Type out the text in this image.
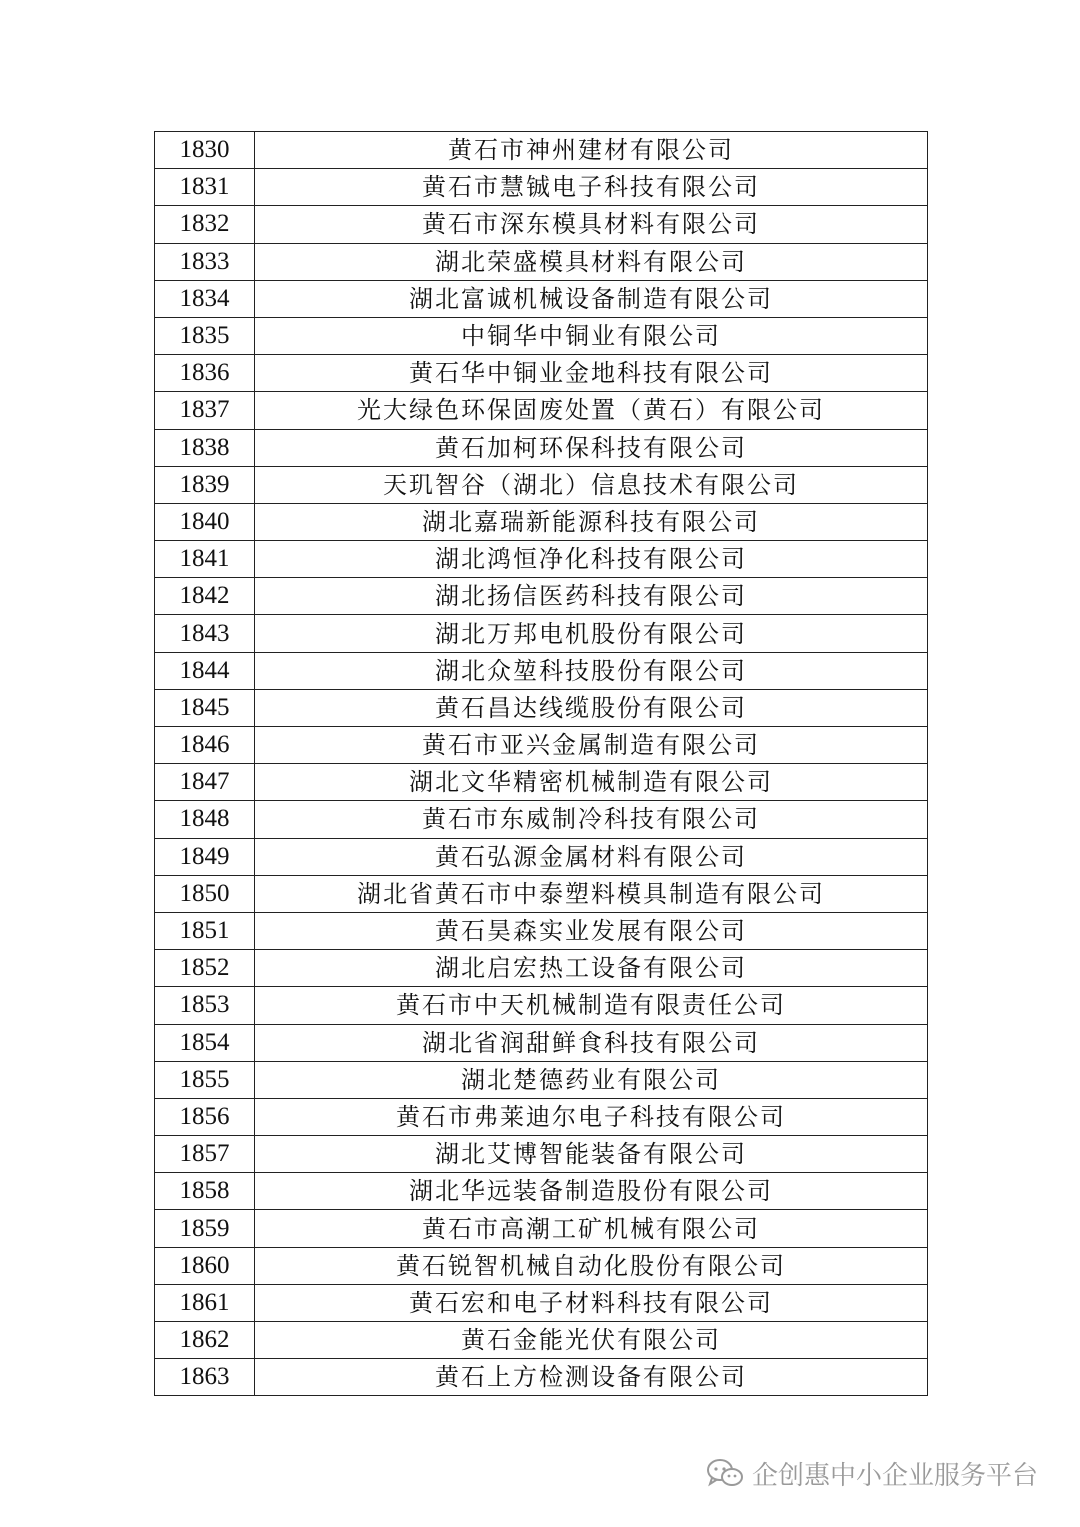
1830	黄石市神州建材有限公司
1831	黄石市慧铖电子科技有限公司
1832	黄石市深东模具材料有限公司
1833	湖北荣盛模具材料有限公司
1834	湖北富诚机械设备制造有限公司
1835	中铜华中铜业有限公司
1836	黄石华中铜业金地科技有限公司
1837	光大绿色环保固废处置（黄石）有限公司
1838	黄石加柯环保科技有限公司
1839	天玑智谷（湖北）信息技术有限公司
1840	湖北嘉瑞新能源科技有限公司
1841	湖北鸿恒净化科技有限公司
1842	湖北扬信医药科技有限公司
1843	湖北万邦电机股份有限公司
1844	湖北众堃科技股份有限公司
1845	黄石昌达线缆股份有限公司
1846	黄石市亚兴金属制造有限公司
1847	湖北文华精密机械制造有限公司
1848	黄石市东威制冷科技有限公司
1849	黄石弘源金属材料有限公司
1850	湖北省黄石市中泰塑料模具制造有限公司
1851	黄石昊森实业发展有限公司
1852	湖北启宏热工设备有限公司
1853	黄石市中天机械制造有限责任公司
1854	湖北省润甜鲜食科技有限公司
1855	湖北楚德药业有限公司
1856	黄石市弗莱迪尔电子科技有限公司
1857	湖北艾博智能装备有限公司
1858	湖北华远装备制造股份有限公司
1859	黄石市高潮工矿机械有限公司
1860	黄石锐智机械自动化股份有限公司
1861	黄石宏和电子材料科技有限公司
1862	黄石金能光伏有限公司
1863	黄石上方检测设备有限公司
企创惠中小企业服务平台
